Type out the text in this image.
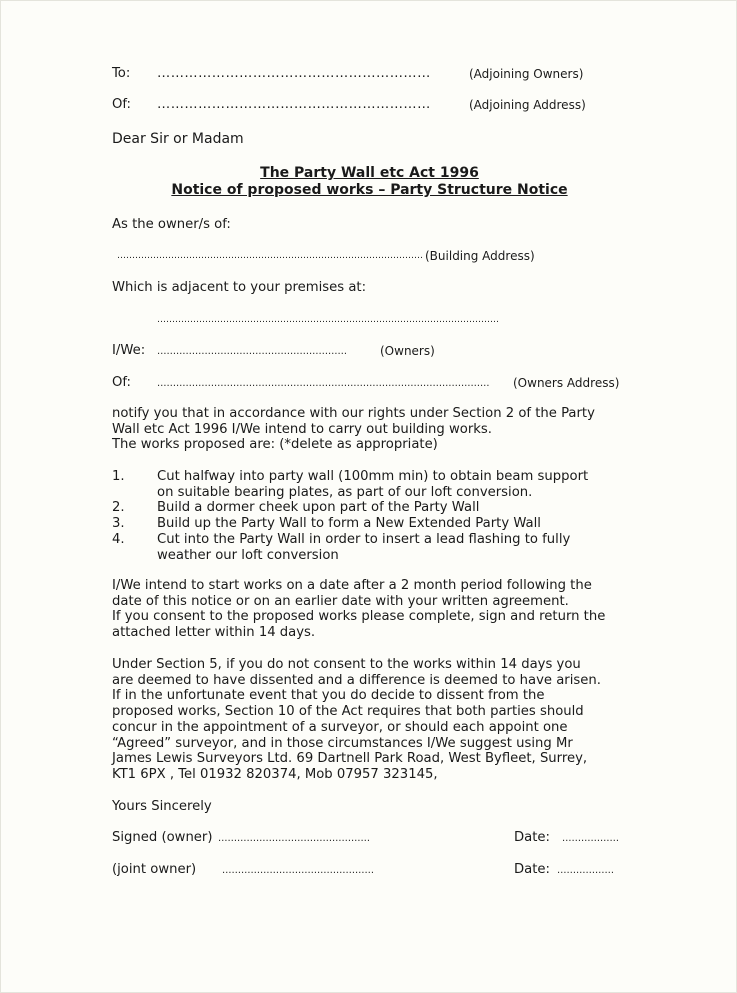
To: ……………………………………………………	(Adjoining Owners)
Of: ……………………………………………………	(Adjoining Address)
Dear Sir or Madam
The Party Wall etc Act 1996
Notice of proposed works – Party Structure Notice
As the owner/s of:
………………………………………………………………………………………… (Building Address)
Which is adjacent to your premises at:
……………………………………………………………………………………………………
I/We: ……………………………………………………	(Owners)
Of:	…………………………………………………………………………………………… (Owners Address)
notify you that in accordance with our rights under Section 2 of the Party
Wall etc Act 1996 I/We intend to carry out building works.
The works proposed are: (*delete as appropriate)
1.	Cut halfway into party wall (100mm min) to obtain beam support
on suitable bearing plates, as part of our loft conversion.
2.	Build a dormer cheek upon part of the Party Wall
3.	Build up the Party Wall to form a New Extended Party Wall
4.	Cut into the Party Wall in order to insert a lead flashing to fully
weather our loft conversion
I/We intend to start works on a date after a 2 month period following the
date of this notice or on an earlier date with your written agreement.
If you consent to the proposed works please complete, sign and return the
attached letter within 14 days.
Under Section 5, if you do not consent to the works within 14 days you
are deemed to have dissented and a difference is deemed to have arisen.
If in the unfortunate event that you do decide to dissent from the
proposed works, Section 10 of the Act requires that both parties should
concur in the appointment of a surveyor, or should each appoint one
“Agreed” surveyor, and in those circumstances I/We suggest using Mr
James Lewis Surveyors Ltd. 69 Dartnell Park Road, West Byfleet, Surrey,
KT1 6PX , Tel 01932 820374, Mob 07957 323145,
Yours Sincerely
Signed (owner) …………………………………………	Date: ………………
(joint owner)	…………………………………………	Date: ………………
